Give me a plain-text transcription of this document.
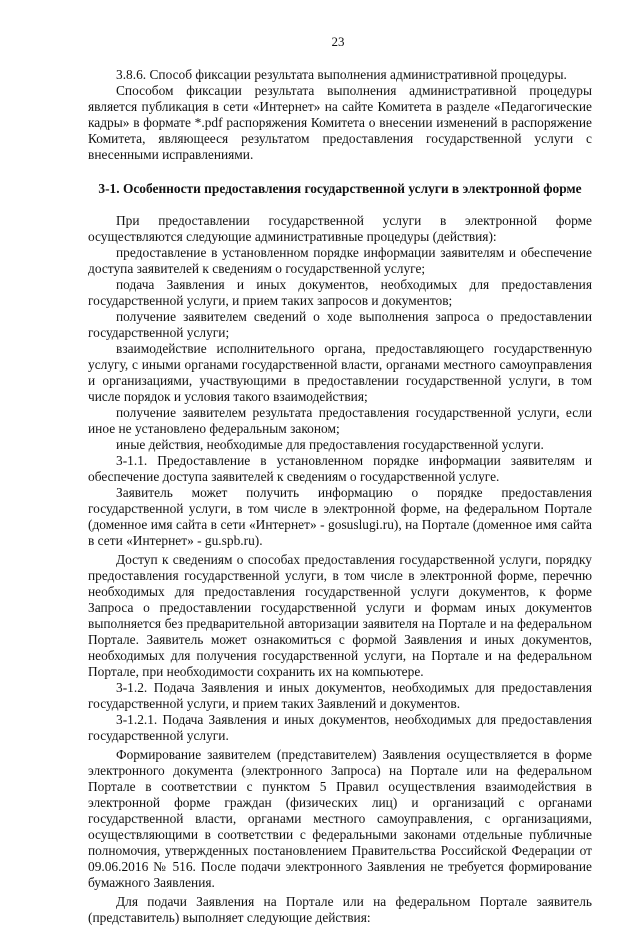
23

3.8.6. Способ фиксации результата выполнения административной процедуры.

Способом фиксации результата выполнения административной процедуры является публикация в сети «Интернет» на сайте Комитета в разделе «Педагогические кадры» в формате *.pdf распоряжения Комитета о внесении изменений в распоряжение Комитета, являющееся результатом предоставления государственной услуги с внесенными исправлениями.

3-1. Особенности предоставления государственной услуги в электронной форме

При предоставлении государственной услуги в электронной форме осуществляются следующие административные процедуры (действия):

предоставление в установленном порядке информации заявителям и обеспечение доступа заявителей к сведениям о государственной услуге;

подача Заявления и иных документов, необходимых для предоставления государственной услуги, и прием таких запросов и документов;

получение заявителем сведений о ходе выполнения запроса о предоставлении государственной услуги;

взаимодействие исполнительного органа, предоставляющего государственную услугу, с иными органами государственной власти, органами местного самоуправления и организациями, участвующими в предоставлении государственной услуги, в том числе порядок и условия такого взаимодействия;

получение заявителем результата предоставления государственной услуги, если иное не установлено федеральным законом;

иные действия, необходимые для предоставления государственной услуги.

3-1.1. Предоставление в установленном порядке информации заявителям и обеспечение доступа заявителей к сведениям о государственной услуге.

Заявитель может получить информацию о порядке предоставления государственной услуги, в том числе в электронной форме, на федеральном Портале (доменное имя сайта в сети «Интернет» - gosuslugi.ru), на Портале (доменное имя сайта в сети «Интернет» - gu.spb.ru).

Доступ к сведениям о способах предоставления государственной услуги, порядку предоставления государственной услуги, в том числе в электронной форме, перечню необходимых для предоставления государственной услуги документов, к форме Запроса о предоставлении государственной услуги и формам иных документов выполняется без предварительной авторизации заявителя на Портале и на федеральном Портале. Заявитель может ознакомиться с формой Заявления и иных документов, необходимых для получения государственной услуги, на Портале и на федеральном Портале, при необходимости сохранить их на компьютере.

3-1.2. Подача Заявления и иных документов, необходимых для предоставления государственной услуги, и прием таких Заявлений и документов.

3-1.2.1. Подача Заявления и иных документов, необходимых для предоставления государственной услуги.

Формирование заявителем (представителем) Заявления осуществляется в форме электронного документа (электронного Запроса) на Портале или на федеральном Портале в соответствии с пунктом 5 Правил осуществления взаимодействия в электронной форме граждан (физических лиц) и организаций с органами государственной власти, органами местного самоуправления, с организациями, осуществляющими в соответствии с федеральными законами отдельные публичные полномочия, утвержденных постановлением Правительства Российской Федерации от 09.06.2016 № 516. После подачи электронного Заявления не требуется формирование бумажного Заявления.

Для подачи Заявления на Портале или на федеральном Портале заявитель (представитель) выполняет следующие действия:
